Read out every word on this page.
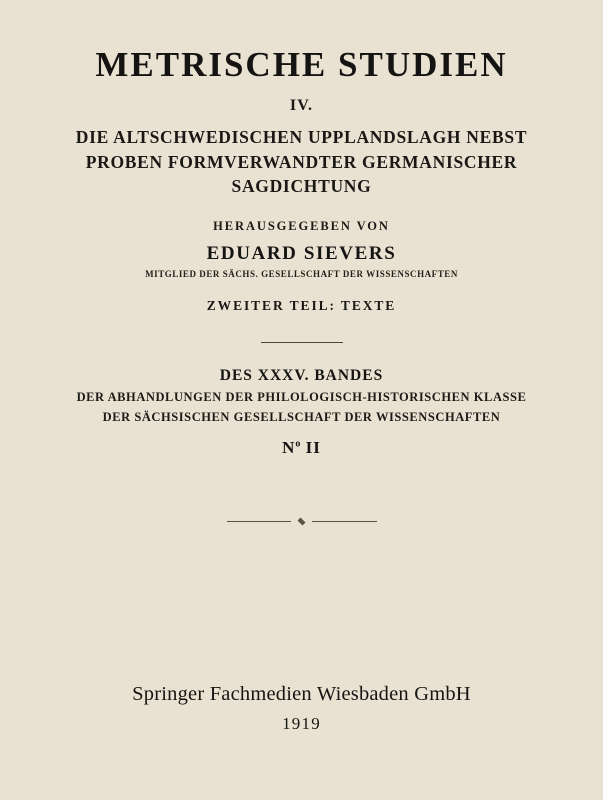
METRISCHE STUDIEN
IV.
DIE ALTSCHWEDISCHEN UPPLANDSLAGH NEBST
PROBEN FORMVERWANDTER GERMANISCHER
SAGDICHTUNG
HERAUSGEGEBEN VON
EDUARD SIEVERS
MITGLIED DER SÄCHS. GESELLSCHAFT DER WISSENSCHAFTEN
ZWEITER TEIL: TEXTE
DES XXXV. BANDES
DER ABHANDLUNGEN DER PHILOLOGISCH-HISTORISCHEN KLASSE
DER SÄCHSISCHEN GESELLSCHAFT DER WISSENSCHAFTEN
$N^o$ II
Springer Fachmedien Wiesbaden GmbH
1919
